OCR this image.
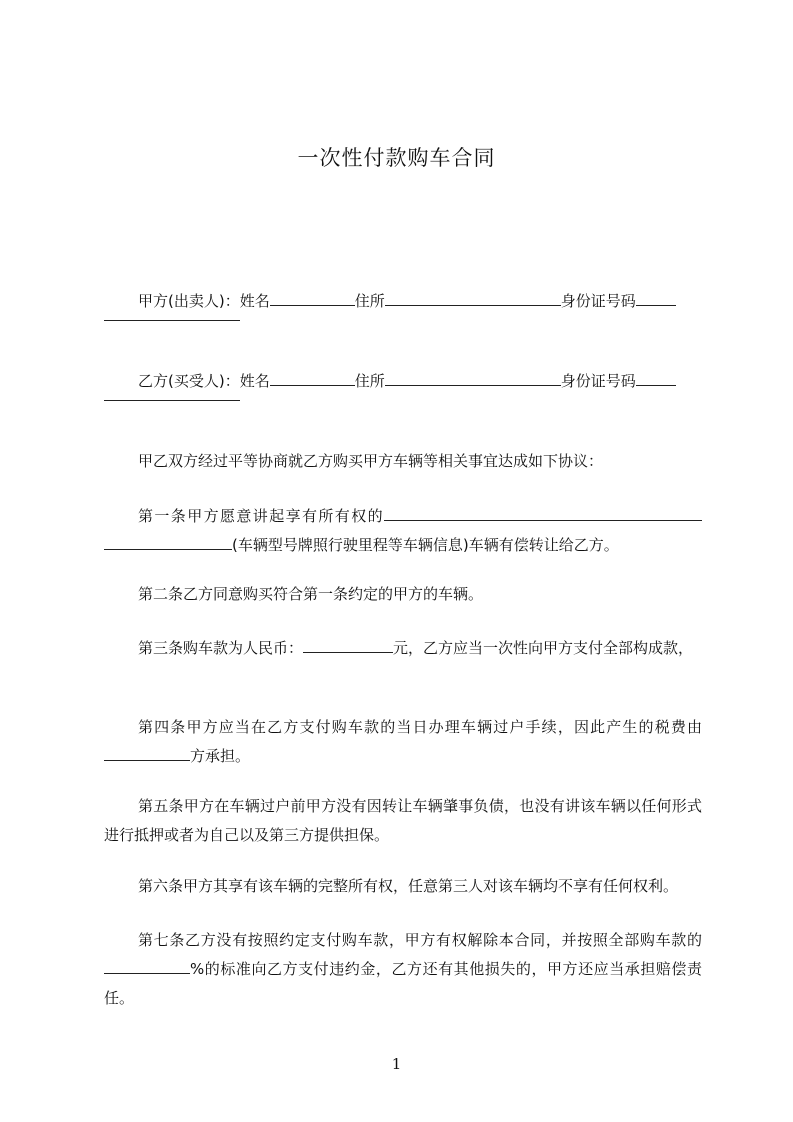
一次性付款购车合同
甲方(出卖人)：姓名	住所	身份证号码
乙方(买受人)：姓名	住所	身份证号码
甲乙双方经过平等协商就乙方购买甲方车辆等相关事宜达成如下协议：
第一条甲方愿意讲起享有所有权的(车辆型号牌照行驶里程等车辆信息)车辆有偿转让给乙方。
第二条乙方同意购买符合第一条约定的甲方的车辆。
第三条购车款为人民币：	元，乙方应当一次性向甲方支付全部构成款，
第四条甲方应当在乙方支付购车款的当日办理车辆过户手续，因此产生的税费由方承担。
第五条甲方在车辆过户前甲方没有因转让车辆肇事负债，也没有讲该车辆以任何形式进行抵押或者为自己以及第三方提供担保。
第六条甲方其享有该车辆的完整所有权，任意第三人对该车辆均不享有任何权利。
第七条乙方没有按照约定支付购车款，甲方有权解除本合同，并按照全部购车款的%的标准向乙方支付违约金，乙方还有其他损失的，甲方还应当承担赔偿责任。
1
